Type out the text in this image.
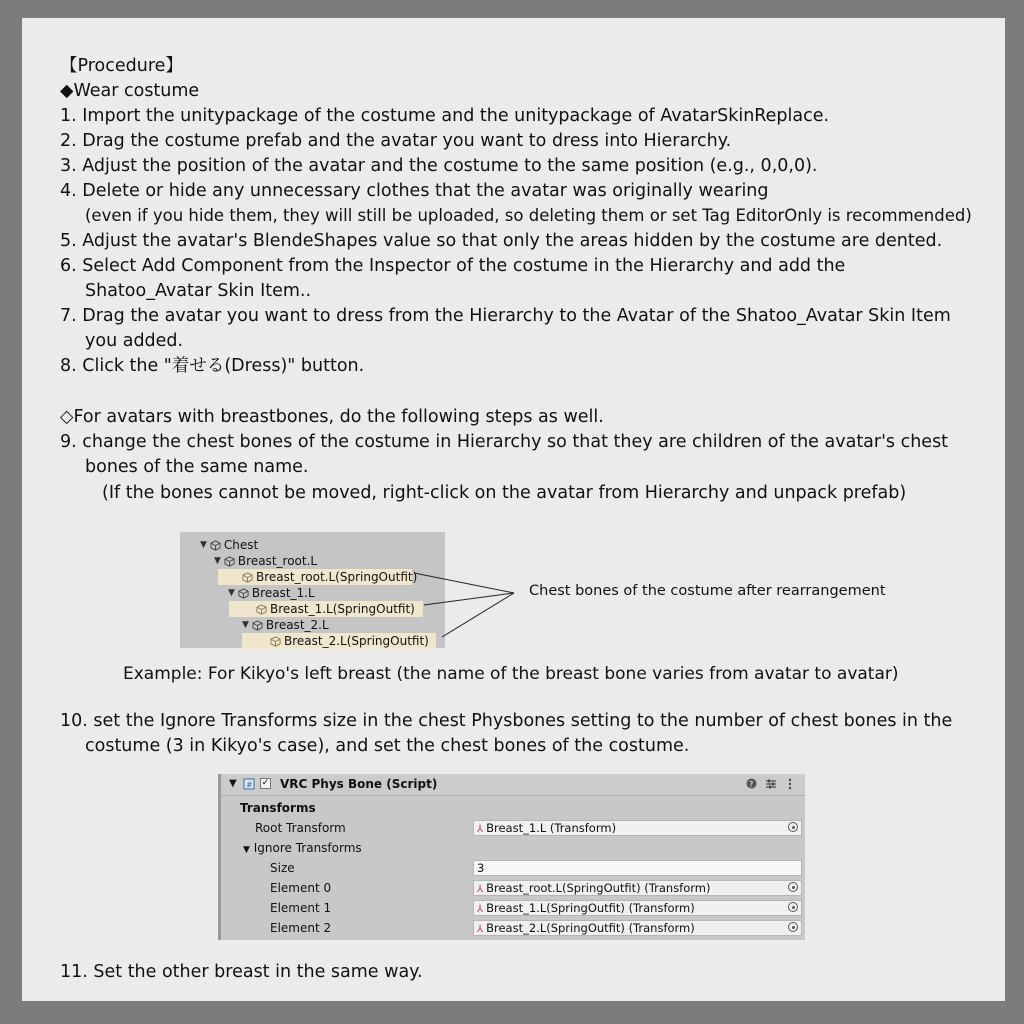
【Procedure】
◆Wear costume
1. Import the unitypackage of the costume and the unitypackage of AvatarSkinReplace.
2. Drag the costume prefab and the avatar you want to dress into Hierarchy.
3. Adjust the position of the avatar and the costume to the same position (e.g., 0,0,0).
4. Delete or hide any unnecessary clothes that the avatar was originally wearing
(even if you hide them, they will still be uploaded, so deleting them or set Tag EditorOnly is recommended)
5. Adjust the avatar's BlendeShapes value so that only the areas hidden by the costume are dented.
6. Select Add Component from the Inspector of the costume in the Hierarchy and add the
Shatoo_Avatar Skin Item..
7. Drag the avatar you want to dress from the Hierarchy to the Avatar of the Shatoo_Avatar Skin Item
you added.
8. Click the "着せる(Dress)" button.
◇For avatars with breastbones, do the following steps as well.
9. change the chest bones of the costume in Hierarchy so that they are children of the avatar's chest
bones of the same name.
(If the bones cannot be moved, right-click on the avatar from Hierarchy and unpack prefab)
▼ Chest
▼ Breast_root.L
Breast_root.L(SpringOutfit)
▼ Breast_1.L
Breast_1.L(SpringOutfit)
▼ Breast_2.L
Breast_2.L(SpringOutfit)
Chest bones of the costume after rearrangement
Example: For Kikyo's left breast (the name of the breast bone varies from avatar to avatar)
10. set the Ignore Transforms size in the chest Physbones setting to the number of chest bones in the
costume (3 in Kikyo's case), and set the chest bones of the costume.
▼ # ✓ VRC Phys Bone (Script)	?
Transforms
Root Transform	⅄ Breast_1.L (Transform)
▼ Ignore Transforms
Size	3
Element 0	⅄ Breast_root.L(SpringOutfit) (Transform)
Element 1	⅄ Breast_1.L(SpringOutfit) (Transform)
Element 2	⅄ Breast_2.L(SpringOutfit) (Transform)
11. Set the other breast in the same way.
